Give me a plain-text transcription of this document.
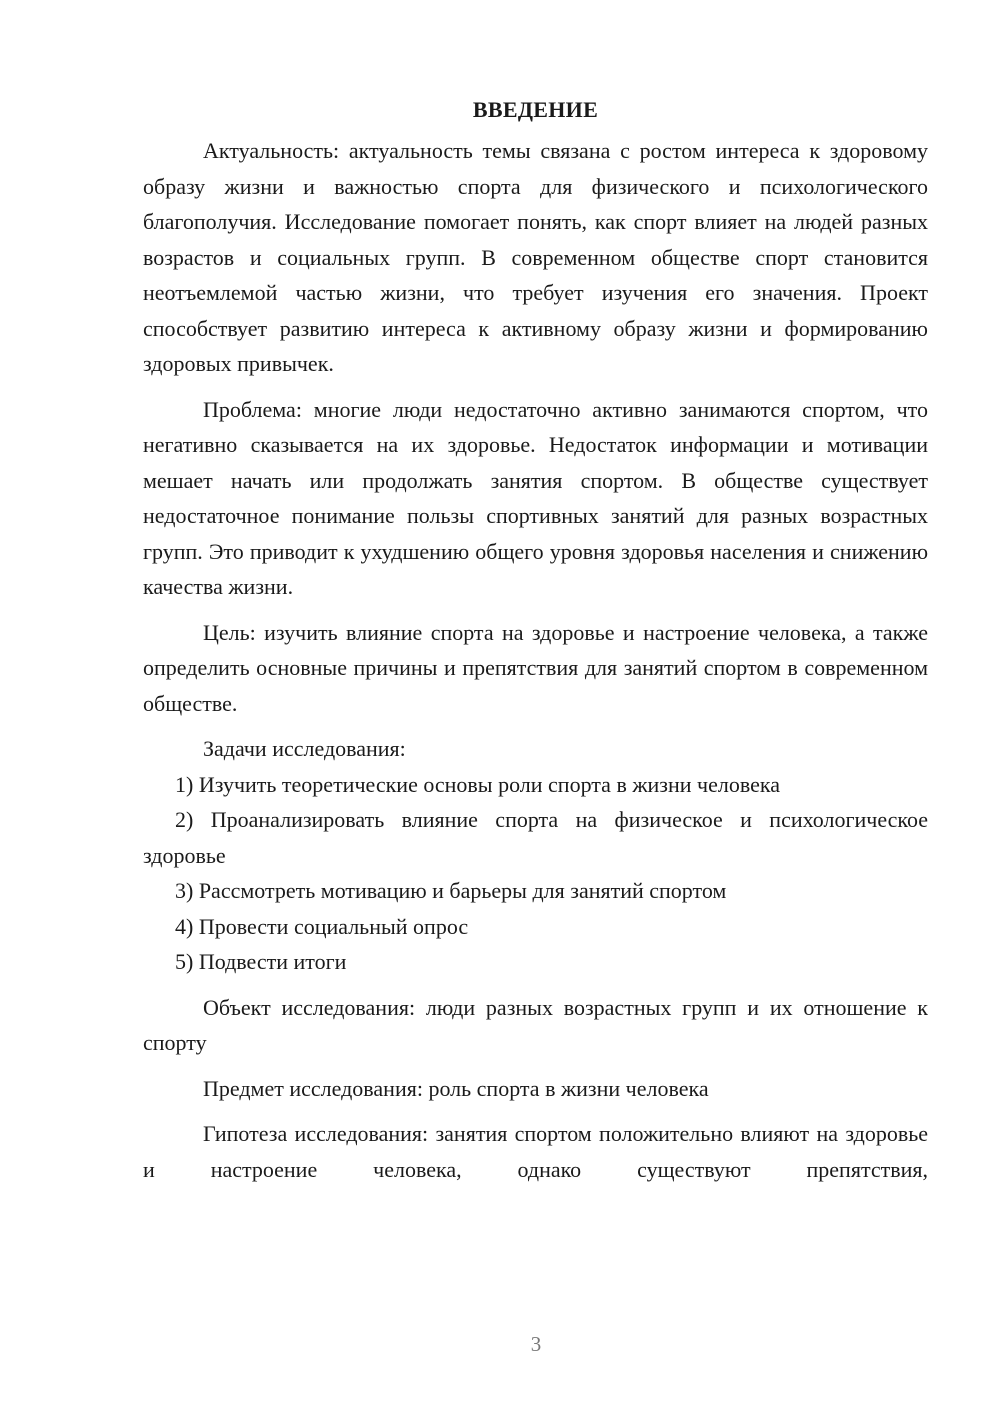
ВВЕДЕНИЕ

Актуальность: актуальность темы связана с ростом интереса к здоровому образу жизни и важностью спорта для физического и психологического благополучия. Исследование помогает понять, как спорт влияет на людей разных возрастов и социальных групп. В современном обществе спорт становится неотъемлемой частью жизни, что требует изучения его значения. Проект способствует развитию интереса к активному образу жизни и формированию здоровых привычек.

Проблема: многие люди недостаточно активно занимаются спортом, что негативно сказывается на их здоровье. Недостаток информации и мотивации мешает начать или продолжать занятия спортом. В обществе существует недостаточное понимание пользы спортивных занятий для разных возрастных групп. Это приводит к ухудшению общего уровня здоровья населения и снижению качества жизни.

Цель: изучить влияние спорта на здоровье и настроение человека, а также определить основные причины и препятствия для занятий спортом в современном обществе.

Задачи исследования:

1) Изучить теоретические основы роли спорта в жизни человека

2) Проанализировать влияние спорта на физическое и психологическое здоровье

3) Рассмотреть мотивацию и барьеры для занятий спортом

4) Провести социальный опрос

5) Подвести итоги

Объект исследования: люди разных возрастных групп и их отношение к спорту

Предмет исследования: роль спорта в жизни человека

Гипотеза исследования: занятия спортом положительно влияют на здоровье и настроение человека, однако существуют препятствия,

3
